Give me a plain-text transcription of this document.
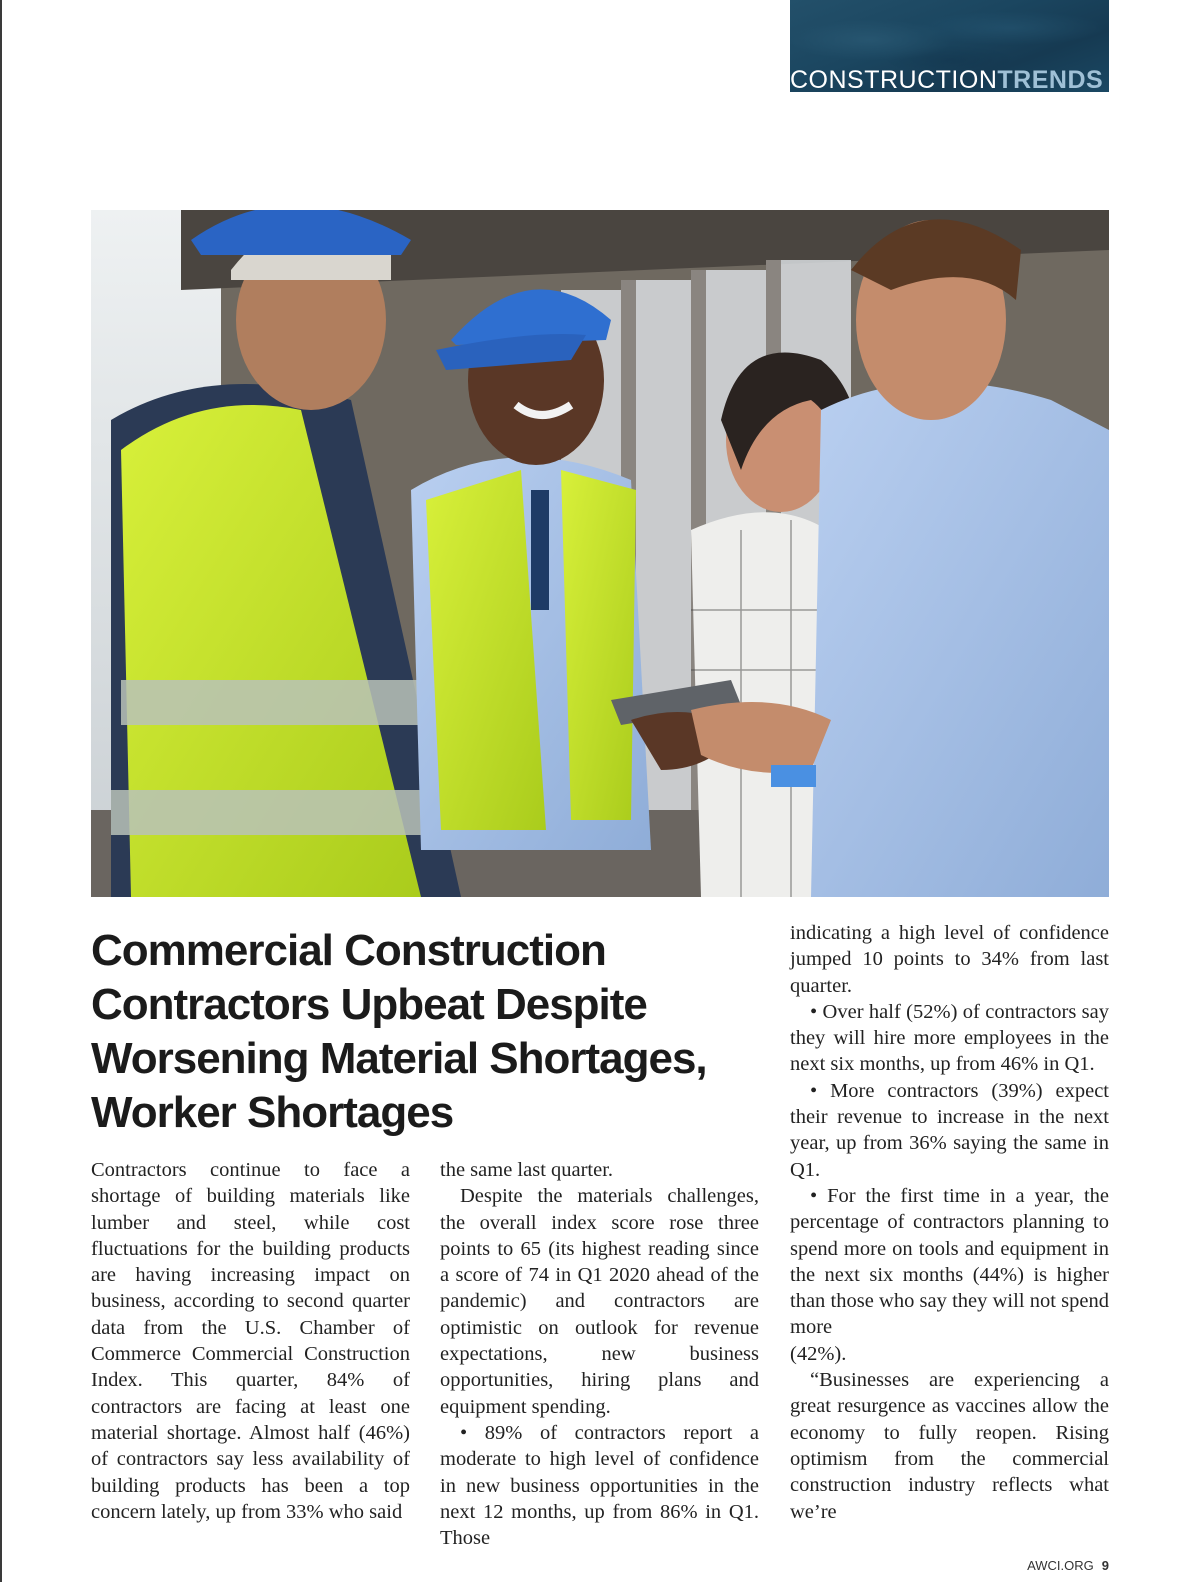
CONSTRUCTIONTRENDS
Commercial Construction Contractors Upbeat Despite Worsening Material Shortages, Worker Shortages

Contractors continue to face a shortage of building materials like lumber and steel, while cost fluctuations for the building products are having increasing impact on business, according to second quarter data from the U.S. Chamber of Commerce Commercial Construction Index. This quarter, 84% of contractors are facing at least one material shortage. Almost half (46%) of contractors say less availability of building products has been a top concern lately, up from 33% who said

the same last quarter.

Despite the materials challenges, the overall index score rose three points to 65 (its highest reading since a score of 74 in Q1 2020 ahead of the pandemic) and contractors are optimistic on outlook for revenue expectations, new business opportunities, hiring plans and equipment spending.

• 89% of contractors report a moderate to high level of confidence in new business opportunities in the next 12 months, up from 86% in Q1. Those

indicating a high level of confidence jumped 10 points to 34% from last quarter.

• Over half (52%) of contractors say they will hire more employees in the next six months, up from 46% in Q1.

• More contractors (39%) expect their revenue to increase in the next year, up from 36% saying the same in Q1.

• For the first time in a year, the percentage of contractors planning to spend more on tools and equipment in the next six months (44%) is higher than those who say they will not spend more

(42%).

“Businesses are experiencing a great resurgence as vaccines allow the economy to fully reopen. Rising optimism from the commercial construction industry reflects what we’re

AWCI.ORG 9
